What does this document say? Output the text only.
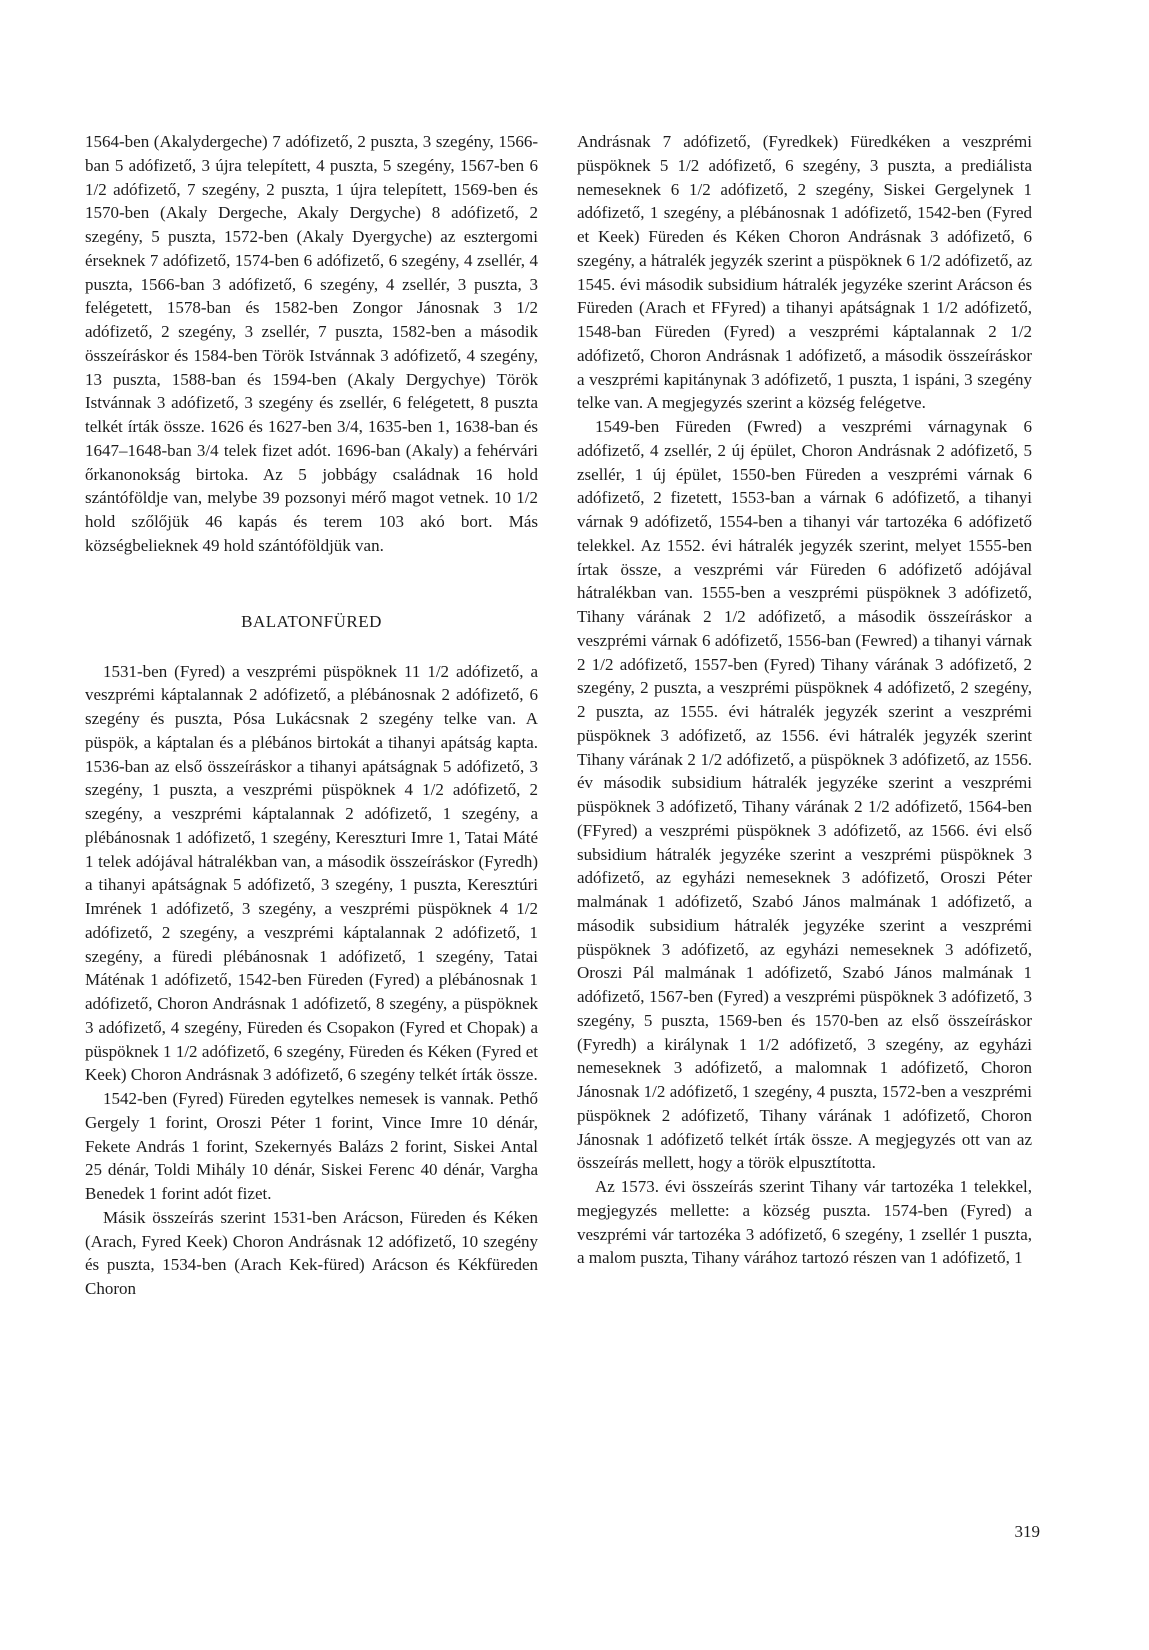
1564-ben (Akalydergeche) 7 adófizető, 2 puszta, 3 szegény, 1566-ban 5 adófizető, 3 újra telepített, 4 puszta, 5 szegény, 1567-ben 6 1/2 adófizető, 7 szegény, 2 puszta, 1 újra telepített, 1569-ben és 1570-ben (Akaly Dergeche, Akaly Dergyche) 8 adófizető, 2 szegény, 5 puszta, 1572-ben (Akaly Dyergyche) az esztergomi érseknek 7 adófizető, 1574-ben 6 adófizető, 6 szegény, 4 zsellér, 4 puszta, 1566-ban 3 adófizető, 6 szegény, 4 zsellér, 3 puszta, 3 felégetett, 1578-ban és 1582-ben Zongor Jánosnak 3 1/2 adófizető, 2 szegény, 3 zsellér, 7 puszta, 1582-ben a második összeíráskor és 1584-ben Török Istvánnak 3 adófizető, 4 szegény, 13 puszta, 1588-ban és 1594-ben (Akaly Dergychye) Török Istvánnak 3 adófizető, 3 szegény és zsellér, 6 felégetett, 8 puszta telkét írták össze. 1626 és 1627-ben 3/4, 1635-ben 1, 1638-ban és 1647–1648-ban 3/4 telek fizet adót. 1696-ban (Akaly) a fehérvári őrkanonokság birtoka. Az 5 jobbágy családnak 16 hold szántóföldje van, melybe 39 pozsonyi mérő magot vetnek. 10 1/2 hold szőlőjük 46 kapás és terem 103 akó bort. Más községbelieknek 49 hold szántóföldjük van.

BALATONFÜRED

1531-ben (Fyred) a veszprémi püspöknek 11 1/2 adófizető, a veszprémi káptalannak 2 adófizető, a plébánosnak 2 adófizető, 6 szegény és puszta, Pósa Lukácsnak 2 szegény telke van. A püspök, a káptalan és a plébános birtokát a tihanyi apátság kapta. 1536-ban az első összeíráskor a tihanyi apátságnak 5 adófizető, 3 szegény, 1 puszta, a veszprémi püspöknek 4 1/2 adófizető, 2 szegény, a veszprémi káptalannak 2 adófizető, 1 szegény, a plébánosnak 1 adófizető, 1 szegény, Kereszturi Imre 1, Tatai Máté 1 telek adójával hátralékban van, a második összeíráskor (Fyredh) a tihanyi apátságnak 5 adófizető, 3 szegény, 1 puszta, Keresztúri Imrének 1 adófizető, 3 szegény, a veszprémi püspöknek 4 1/2 adófizető, 2 szegény, a veszprémi káptalannak 2 adófizető, 1 szegény, a füredi plébánosnak 1 adófizető, 1 szegény, Tatai Máténak 1 adófizető, 1542-ben Füreden (Fyred) a plébánosnak 1 adófizető, Choron Andrásnak 1 adófizető, 8 szegény, a püspöknek 3 adófizető, 4 szegény, Füreden és Csopakon (Fyred et Chopak) a püspöknek 1 1/2 adófizető, 6 szegény, Füreden és Kéken (Fyred et Keek) Choron Andrásnak 3 adófizető, 6 szegény telkét írták össze.

1542-ben (Fyred) Füreden egytelkes nemesek is vannak. Pethő Gergely 1 forint, Oroszi Péter 1 forint, Vince Imre 10 dénár, Fekete András 1 forint, Szekernyés Balázs 2 forint, Siskei Antal 25 dénár, Toldi Mihály 10 dénár, Siskei Ferenc 40 dénár, Vargha Benedek 1 forint adót fizet.

Másik összeírás szerint 1531-ben Arácson, Füreden és Kéken (Arach, Fyred Keek) Choron Andrásnak 12 adófizető, 10 szegény és puszta, 1534-ben (Arach Kek-füred) Arácson és Kékfüreden Choron

Andrásnak 7 adófizető, (Fyredkek) Füredkéken a veszprémi püspöknek 5 1/2 adófizető, 6 szegény, 3 puszta, a prediálista nemeseknek 6 1/2 adófizető, 2 szegény, Siskei Gergelynek 1 adófizető, 1 szegény, a plébánosnak 1 adófizető, 1542-ben (Fyred et Keek) Füreden és Kéken Choron Andrásnak 3 adófizető, 6 szegény, a hátralék jegyzék szerint a püspöknek 6 1/2 adófizető, az 1545. évi második subsidium hátralék jegyzéke szerint Arácson és Füreden (Arach et FFyred) a tihanyi apátságnak 1 1/2 adófizető, 1548-ban Füreden (Fyred) a veszprémi káptalannak 2 1/2 adófizető, Choron Andrásnak 1 adófizető, a második összeíráskor a veszprémi kapitánynak 3 adófizető, 1 puszta, 1 ispáni, 3 szegény telke van. A megjegyzés szerint a község felégetve.

1549-ben Füreden (Fwred) a veszprémi várnagynak 6 adófizető, 4 zsellér, 2 új épület, Choron Andrásnak 2 adófizető, 5 zsellér, 1 új épület, 1550-ben Füreden a veszprémi várnak 6 adófizető, 2 fizetett, 1553-ban a várnak 6 adófizető, a tihanyi várnak 9 adófizető, 1554-ben a tihanyi vár tartozéka 6 adófizető telekkel. Az 1552. évi hátralék jegyzék szerint, melyet 1555-ben írtak össze, a veszprémi vár Füreden 6 adófizető adójával hátralékban van. 1555-ben a veszprémi püspöknek 3 adófizető, Tihany várának 2 1/2 adófizető, a második összeíráskor a veszprémi várnak 6 adófizető, 1556-ban (Fewred) a tihanyi várnak 2 1/2 adófizető, 1557-ben (Fyred) Tihany várának 3 adófizető, 2 szegény, 2 puszta, a veszprémi püspöknek 4 adófizető, 2 szegény, 2 puszta, az 1555. évi hátralék jegyzék szerint a veszprémi püspöknek 3 adófizető, az 1556. évi hátralék jegyzék szerint Tihany várának 2 1/2 adófizető, a püspöknek 3 adófizető, az 1556. év második subsidium hátralék jegyzéke szerint a veszprémi püspöknek 3 adófizető, Tihany várának 2 1/2 adófizető, 1564-ben (FFyred) a veszprémi püspöknek 3 adófizető, az 1566. évi első subsidium hátralék jegyzéke szerint a veszprémi püspöknek 3 adófizető, az egyházi nemeseknek 3 adófizető, Oroszi Péter malmának 1 adófizető, Szabó János malmának 1 adófizető, a második subsidium hátralék jegyzéke szerint a veszprémi püspöknek 3 adófizető, az egyházi nemeseknek 3 adófizető, Oroszi Pál malmának 1 adófizető, Szabó János malmának 1 adófizető, 1567-ben (Fyred) a veszprémi püspöknek 3 adófizető, 3 szegény, 5 puszta, 1569-ben és 1570-ben az első összeíráskor (Fyredh) a királynak 1 1/2 adófizető, 3 szegény, az egyházi nemeseknek 3 adófizető, a malomnak 1 adófizető, Choron Jánosnak 1/2 adófizető, 1 szegény, 4 puszta, 1572-ben a veszprémi püspöknek 2 adófizető, Tihany várának 1 adófizető, Choron Jánosnak 1 adófizető telkét írták össze. A megjegyzés ott van az összeírás mellett, hogy a török elpusztította.

Az 1573. évi összeírás szerint Tihany vár tartozéka 1 telekkel, megjegyzés mellette: a község puszta. 1574-ben (Fyred) a veszprémi vár tartozéka 3 adófizető, 6 szegény, 1 zsellér 1 puszta, a malom puszta, Tihany várához tartozó részen van 1 adófizető, 1

319
